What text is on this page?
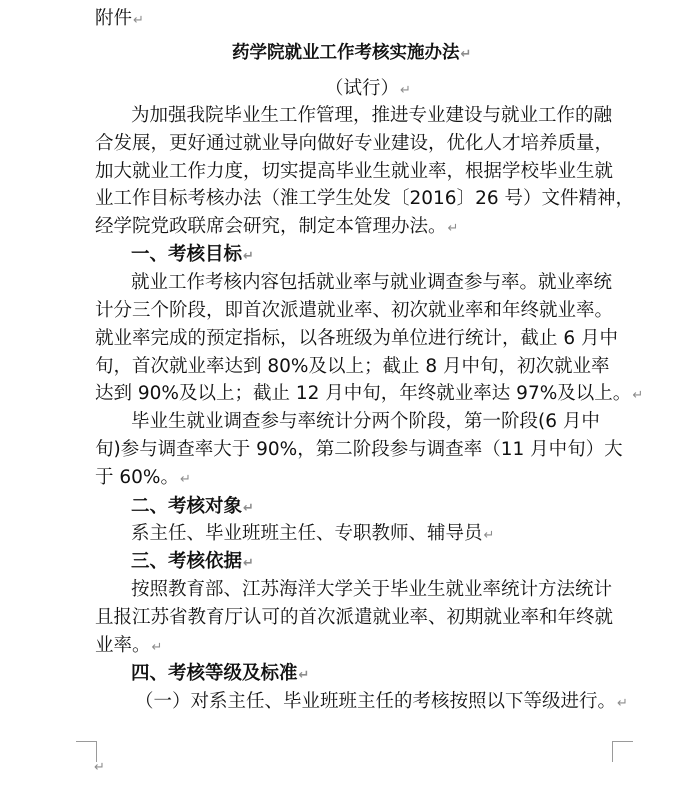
附件↵
药学院就业工作考核实施办法↵
（试行）↵
为加强我院毕业生工作管理，推进专业建设与就业工作的融
合发展，更好通过就业导向做好专业建设，优化人才培养质量，
加大就业工作力度，切实提高毕业生就业率，根据学校毕业生就
业工作目标考核办法（淮工学生处发〔2016〕26 号）文件精神，
经学院党政联席会研究，制定本管理办法。↵
一、考核目标↵
就业工作考核内容包括就业率与就业调查参与率。就业率统
计分三个阶段，即首次派遣就业率、初次就业率和年终就业率。
就业率完成的预定指标，以各班级为单位进行统计，截止 6 月中
旬，首次就业率达到 80%及以上；截止 8 月中旬，初次就业率
达到 90%及以上；截止 12 月中旬，年终就业率达 97%及以上。↵
毕业生就业调查参与率统计分两个阶段，第一阶段(6 月中
旬)参与调查率大于 90%，第二阶段参与调查率（11 月中旬）大
于 60%。↵
二、考核对象↵
系主任、毕业班班主任、专职教师、辅导员↵
三、考核依据↵
按照教育部、江苏海洋大学关于毕业生就业率统计方法统计
且报江苏省教育厅认可的首次派遣就业率、初期就业率和年终就
业率。↵
四、考核等级及标准↵
（一）对系主任、毕业班班主任的考核按照以下等级进行。↵
↵
